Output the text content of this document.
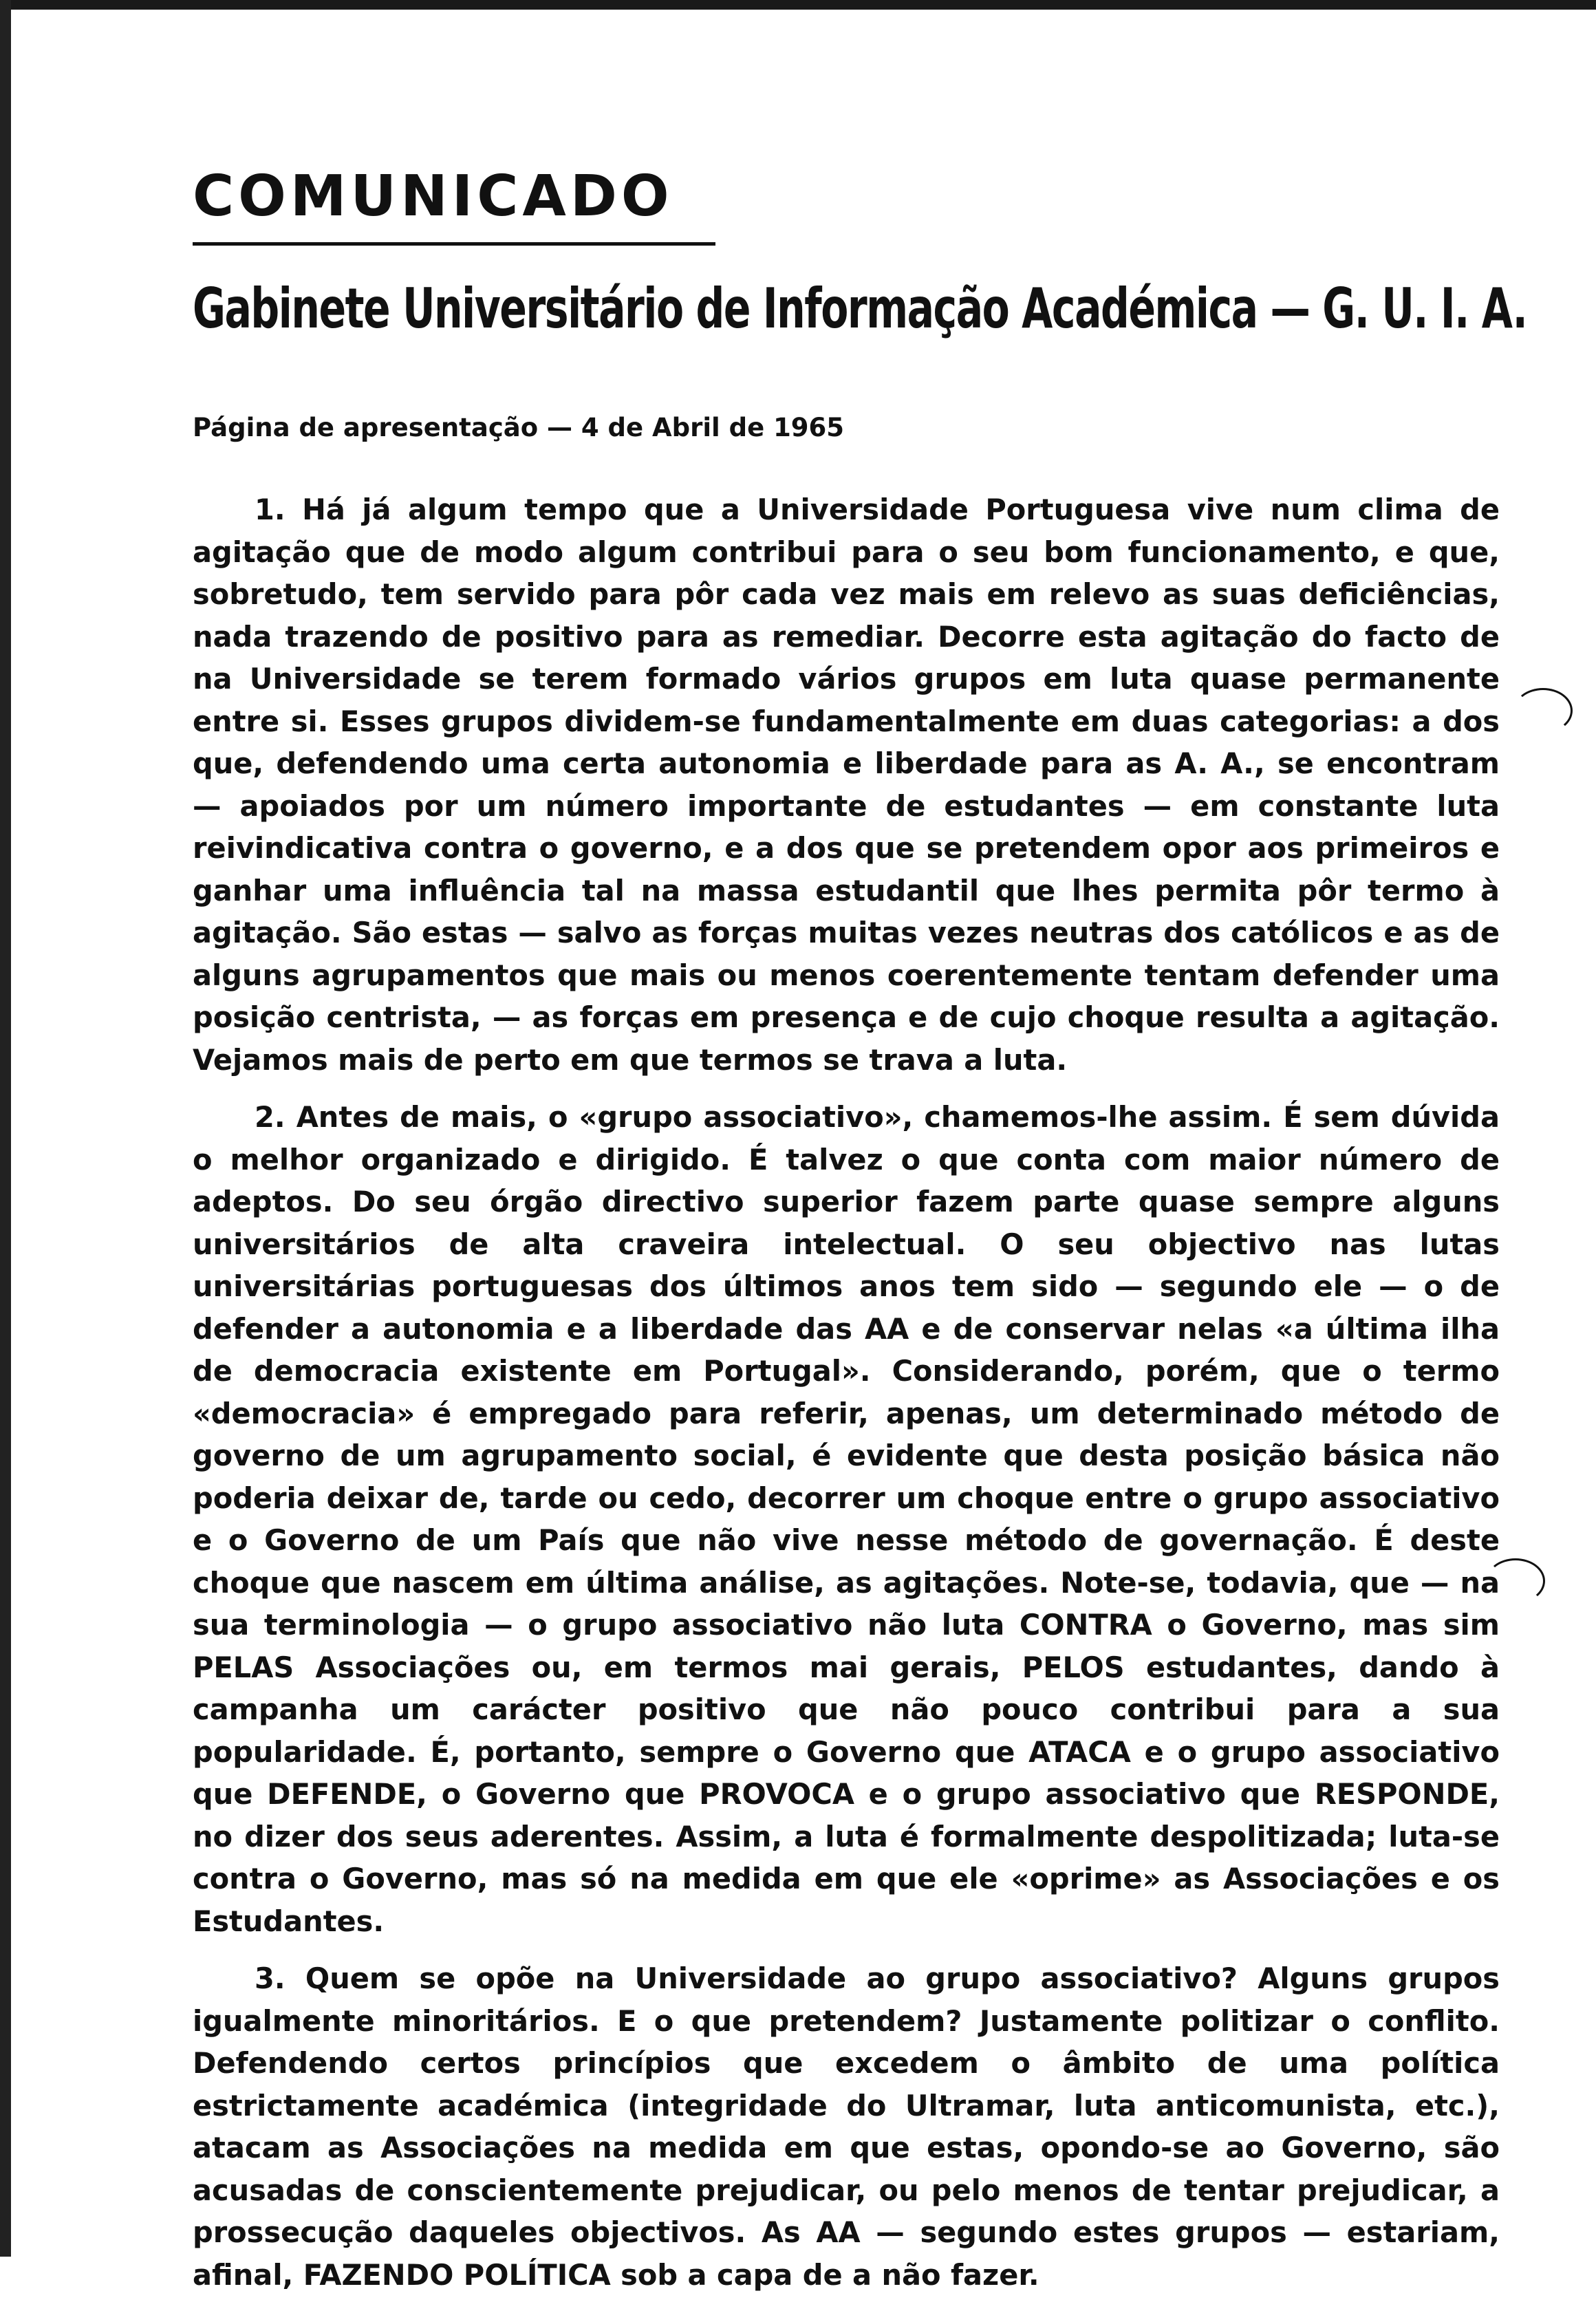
COMUNICADO
Gabinete Universitário de Informação Académica — G. U. I. A.

Página de apresentação — 4 de Abril de 1965

1. Há já algum tempo que a Universidade Portuguesa vive num clima de agitação que de modo algum contribui para o seu bom funcionamento, e que, sobretudo, tem servido para pôr cada vez mais em relevo as suas deficiências, nada trazendo de positivo para as remediar. Decorre esta agitação do facto de na Universidade se terem formado vários grupos em luta quase permanente entre si. Esses grupos dividem-se fundamentalmente em duas categorias: a dos que, defendendo uma certa autonomia e liberdade para as A. A., se encontram — apoiados por um número importante de estudantes — em constante luta reivindicativa contra o governo, e a dos que se pretendem opor aos primeiros e ganhar uma influência tal na massa estudantil que lhes permita pôr termo à agitação. São estas — salvo as forças muitas vezes neutras dos católicos e as de alguns agrupamentos que mais ou menos coerentemente tentam defender uma posição centrista, — as forças em presença e de cujo choque resulta a agitação. Vejamos mais de perto em que termos se trava a luta.

2. Antes de mais, o «grupo associativo», chamemos-lhe assim. É sem dúvida o melhor organizado e dirigido. É talvez o que conta com maior número de adeptos. Do seu órgão directivo superior fazem parte quase sempre alguns universitários de alta craveira intelectual. O seu objectivo nas lutas universitárias portuguesas dos últimos anos tem sido — segundo ele — o de defender a autonomia e a liberdade das AA e de conservar nelas «a última ilha de democracia existente em Portugal». Considerando, porém, que o termo «democracia» é empregado para referir, apenas, um determinado método de governo de um agrupamento social, é evidente que desta posição básica não poderia deixar de, tarde ou cedo, decorrer um choque entre o grupo associativo e o Governo de um País que não vive nesse método de governação. É deste choque que nascem em última análise, as agitações. Note-se, todavia, que — na sua terminologia — o grupo associativo não luta CONTRA o Governo, mas sim PELAS Associações ou, em termos mai gerais, PELOS estudantes, dando à campanha um carácter positivo que não pouco contribui para a sua popularidade. É, portanto, sempre o Governo que ATACA e o grupo associativo que DEFENDE, o Governo que PROVOCA e o grupo associativo que RESPONDE, no dizer dos seus aderentes. Assim, a luta é formalmente despolitizada; luta-se contra o Governo, mas só na medida em que ele «oprime» as Associações e os Estudantes.

3. Quem se opõe na Universidade ao grupo associativo? Alguns grupos igualmente minoritários. E o que pretendem? Justamente politizar o conflito. Defendendo certos princípios que excedem o âmbito de uma política estrictamente académica (integridade do Ultramar, luta anticomunista, etc.), atacam as Associações na medida em que estas, opondo-se ao Governo, são acusadas de conscientemente prejudicar, ou pelo menos de tentar prejudicar, a prossecução daqueles objectivos. As AA — segundo estes grupos — estariam, afinal, FAZENDO POLÍTICA sob a capa de a não fazer.
